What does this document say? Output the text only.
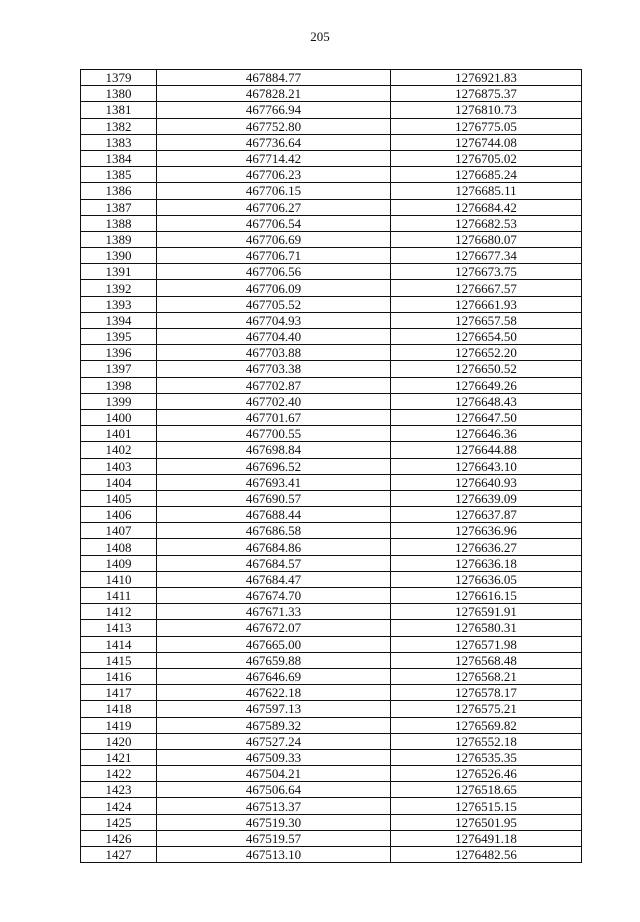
205
1379	467884.77	1276921.83
1380	467828.21	1276875.37
1381	467766.94	1276810.73
1382	467752.80	1276775.05
1383	467736.64	1276744.08
1384	467714.42	1276705.02
1385	467706.23	1276685.24
1386	467706.15	1276685.11
1387	467706.27	1276684.42
1388	467706.54	1276682.53
1389	467706.69	1276680.07
1390	467706.71	1276677.34
1391	467706.56	1276673.75
1392	467706.09	1276667.57
1393	467705.52	1276661.93
1394	467704.93	1276657.58
1395	467704.40	1276654.50
1396	467703.88	1276652.20
1397	467703.38	1276650.52
1398	467702.87	1276649.26
1399	467702.40	1276648.43
1400	467701.67	1276647.50
1401	467700.55	1276646.36
1402	467698.84	1276644.88
1403	467696.52	1276643.10
1404	467693.41	1276640.93
1405	467690.57	1276639.09
1406	467688.44	1276637.87
1407	467686.58	1276636.96
1408	467684.86	1276636.27
1409	467684.57	1276636.18
1410	467684.47	1276636.05
1411	467674.70	1276616.15
1412	467671.33	1276591.91
1413	467672.07	1276580.31
1414	467665.00	1276571.98
1415	467659.88	1276568.48
1416	467646.69	1276568.21
1417	467622.18	1276578.17
1418	467597.13	1276575.21
1419	467589.32	1276569.82
1420	467527.24	1276552.18
1421	467509.33	1276535.35
1422	467504.21	1276526.46
1423	467506.64	1276518.65
1424	467513.37	1276515.15
1425	467519.30	1276501.95
1426	467519.57	1276491.18
1427	467513.10	1276482.56
